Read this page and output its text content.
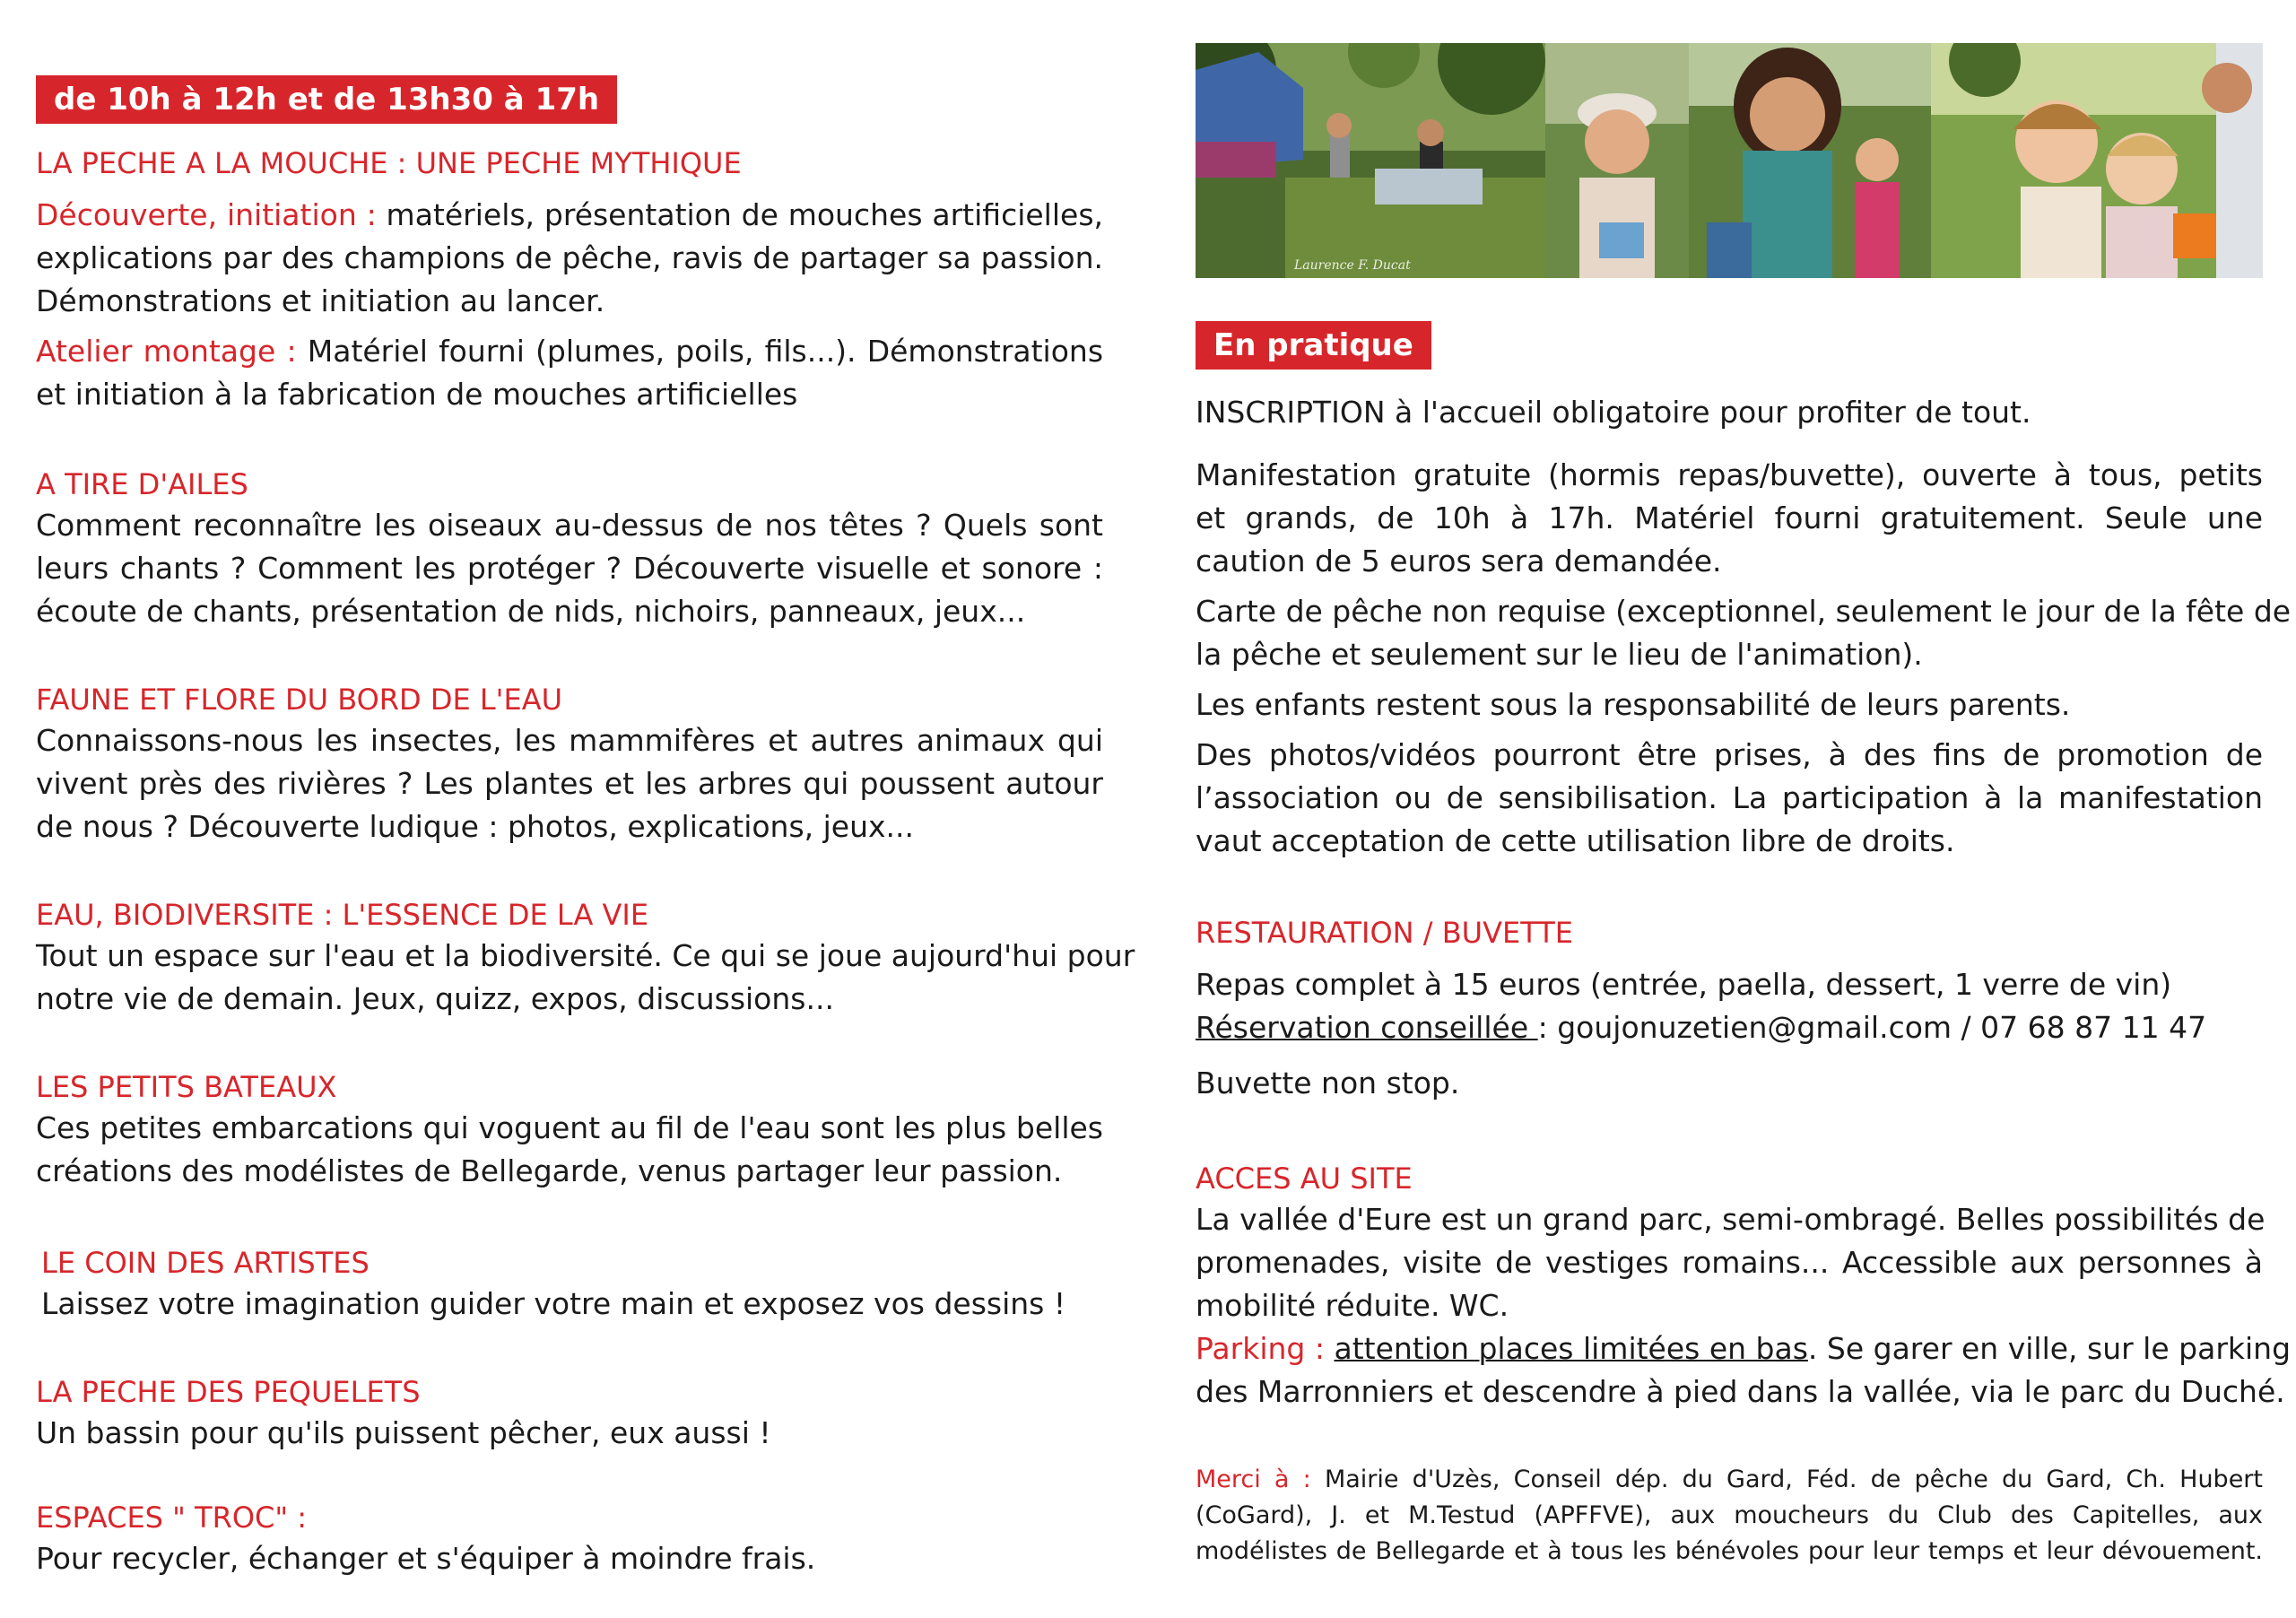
de 10h à 12h et de 13h30 à 17h
LA PECHE A LA MOUCHE : UNE PECHE MYTHIQUE
Découverte, initiation : matériels, présentation de mouches artificielles,
explications par des champions de pêche, ravis de partager sa passion.
Démonstrations et initiation au lancer.
Atelier montage : Matériel fourni (plumes, poils, fils...). Démonstrations
et initiation à la fabrication de mouches artificielles
A TIRE D'AILES
Comment reconnaître les oiseaux au-dessus de nos têtes ? Quels sont
leurs chants ? Comment les protéger ? Découverte visuelle et sonore :
écoute de chants, présentation de nids, nichoirs, panneaux, jeux...
FAUNE ET FLORE DU BORD DE L'EAU
Connaissons-nous les insectes, les mammifères et autres animaux qui
vivent près des rivières ? Les plantes et les arbres qui poussent autour
de nous ? Découverte ludique : photos, explications, jeux...
EAU, BIODIVERSITE : L'ESSENCE DE LA VIE
Tout un espace sur l'eau et la biodiversité. Ce qui se joue aujourd'hui pour
notre vie de demain. Jeux, quizz, expos, discussions...
LES PETITS BATEAUX
Ces petites embarcations qui voguent au fil de l'eau sont les plus belles
créations des modélistes de Bellegarde, venus partager leur passion.
LE COIN DES ARTISTES
Laissez votre imagination guider votre main et exposez vos dessins !
LA PECHE DES PEQUELETS
Un bassin pour qu'ils puissent pêcher, eux aussi !
ESPACES " TROC" :
Pour recycler, échanger et s'équiper à moindre frais.
Laurence F. Ducat
En pratique
INSCRIPTION à l'accueil obligatoire pour profiter de tout.
Manifestation gratuite (hormis repas/buvette), ouverte à tous, petits
et grands, de 10h à 17h. Matériel fourni gratuitement. Seule une
caution de 5 euros sera demandée.
Carte de pêche non requise (exceptionnel, seulement le jour de la fête de
la pêche et seulement sur le lieu de l'animation).
Les enfants restent sous la responsabilité de leurs parents.
Des photos/vidéos pourront être prises, à des fins de promotion de
l’association ou de sensibilisation. La participation à la manifestation
vaut acceptation de cette utilisation libre de droits.
RESTAURATION / BUVETTE
Repas complet à 15 euros (entrée, paella, dessert, 1 verre de vin)
Réservation conseillée : goujonuzetien@gmail.com / 07 68 87 11 47
Buvette non stop.
ACCES AU SITE
La vallée d'Eure est un grand parc, semi-ombragé. Belles possibilités de
promenades, visite de vestiges romains... Accessible aux personnes à
mobilité réduite. WC.
Parking : attention places limitées en bas. Se garer en ville, sur le parking
des Marronniers et descendre à pied dans la vallée, via le parc du Duché.
Merci à : Mairie d'Uzès, Conseil dép. du Gard, Féd. de pêche du Gard, Ch. Hubert
(CoGard), J. et M.Testud (APFFVE), aux moucheurs du Club des Capitelles, aux
modélistes de Bellegarde et à tous les bénévoles pour leur temps et leur dévouement.
